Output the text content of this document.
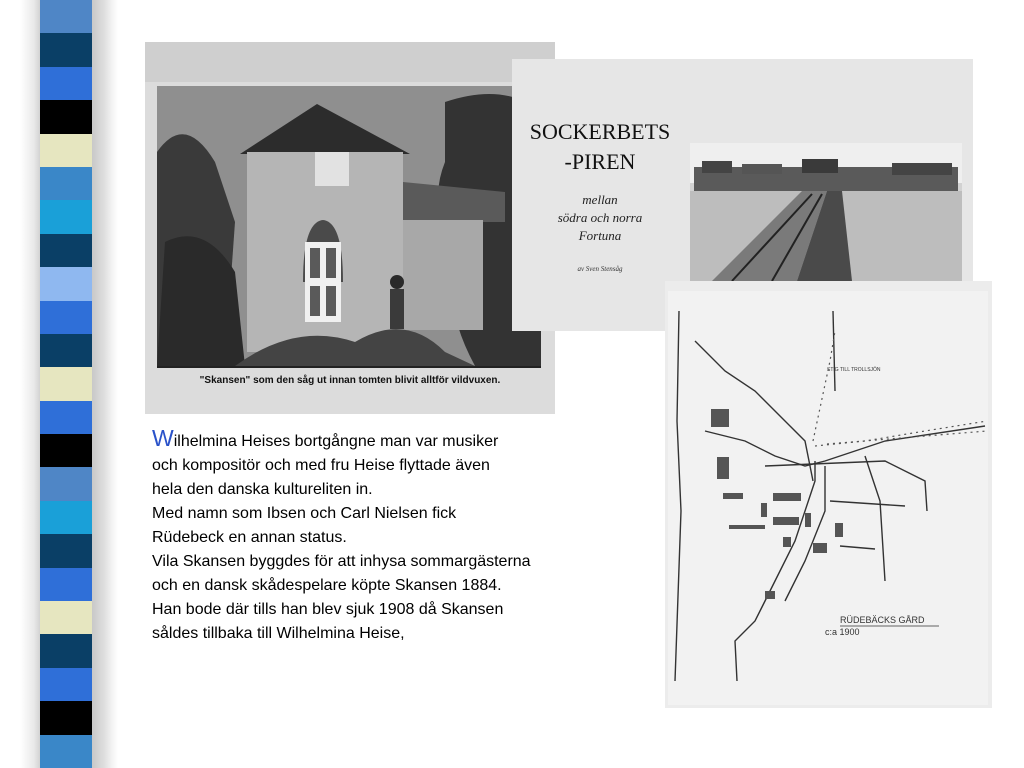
"Skansen" som den såg ut innan tomten blivit alltför vildvuxen.
SOCKERBETS
-PIREN
mellan
södra och norra
Fortuna
av Sven Stensåg
STIG TILL TROLLSJÖN
RÜDEBÄCKS GÅRD
c:a 1900
Wilhelmina Heises bortgångne man var musiker
och kompositör och med fru Heise flyttade även
hela den danska kultureliten in.
Med namn som Ibsen och Carl Nielsen fick
Rüdebeck en annan status.
Vila Skansen byggdes för att inhysa sommargästerna
och en dansk skådespelare köpte Skansen 1884.
Han bode där tills han blev sjuk 1908 då Skansen
såldes tillbaka till Wilhelmina Heise,
